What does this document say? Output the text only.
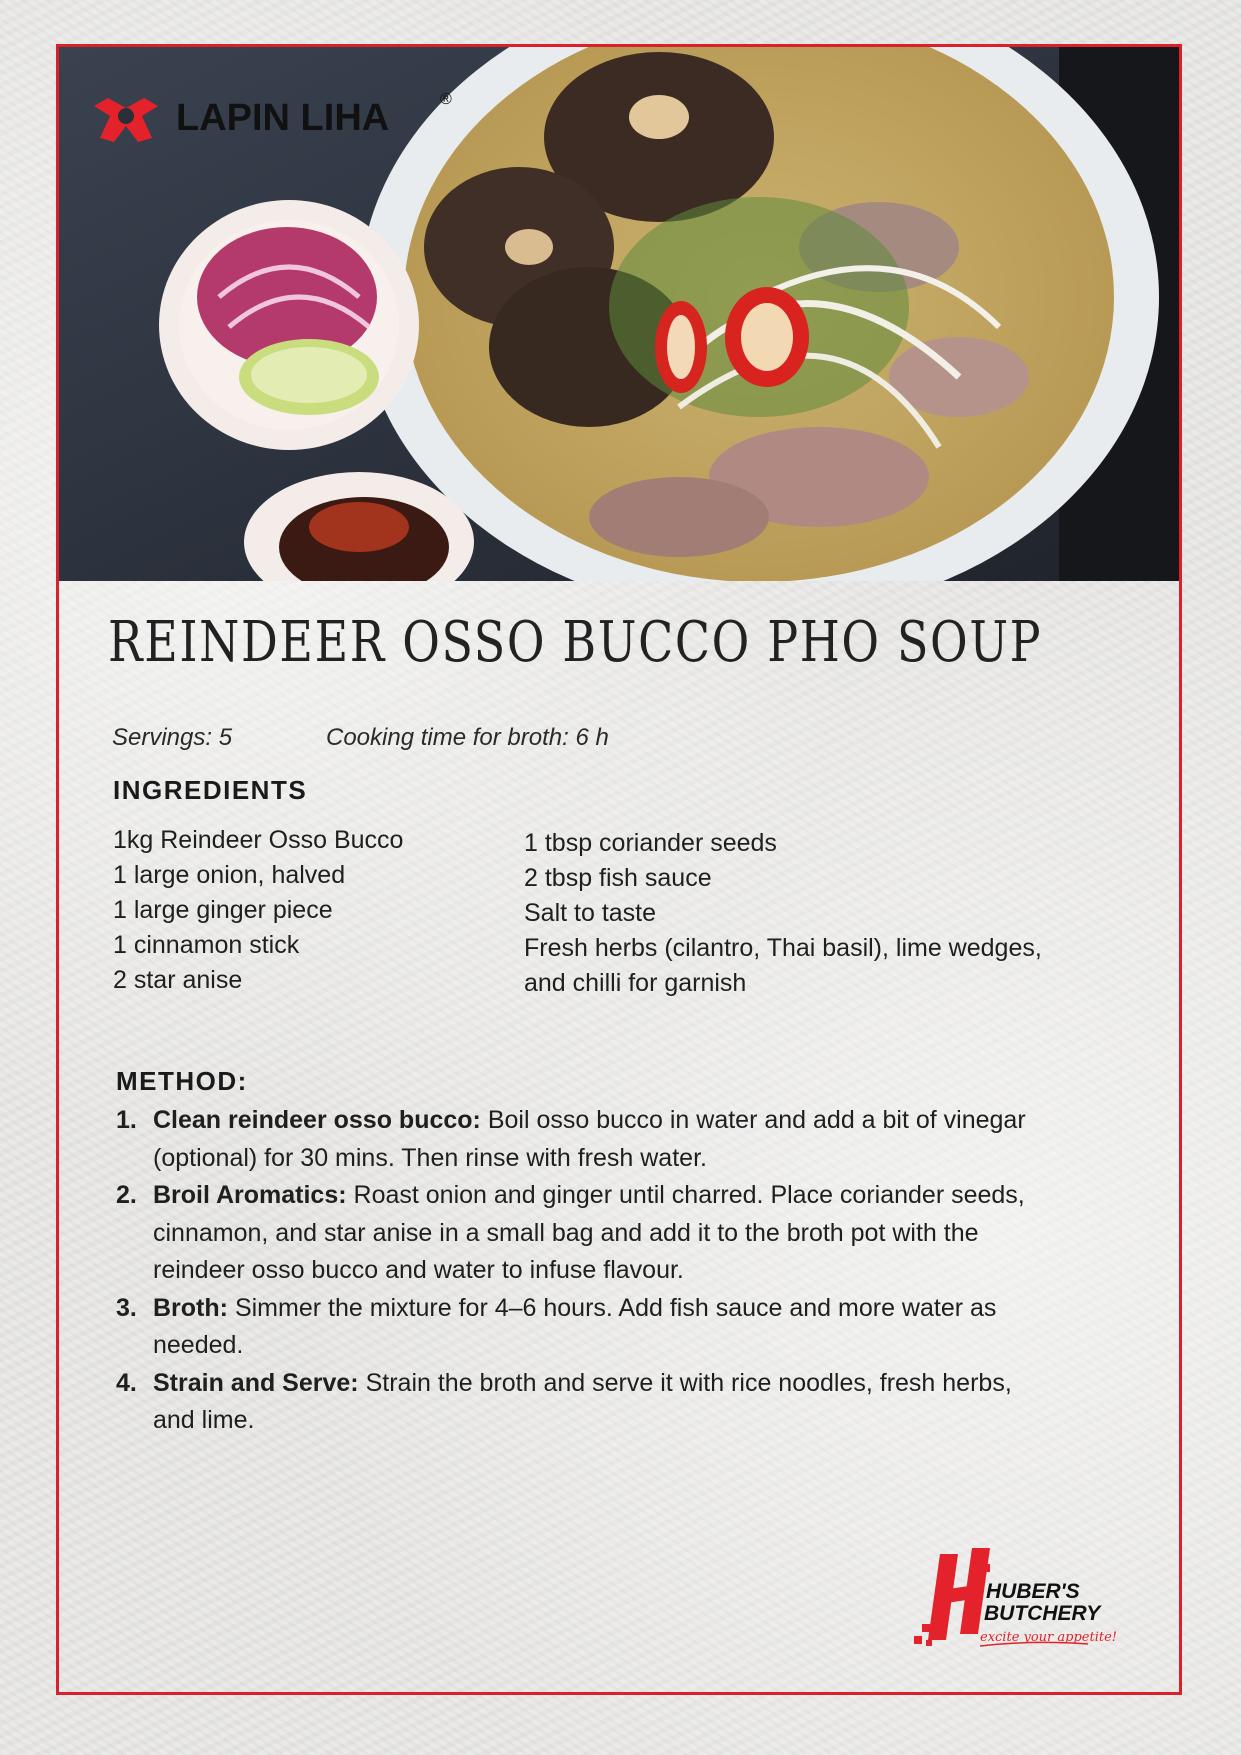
LAPIN LIHA	®
REINDEER OSSO BUCCO PHO SOUP
Servings: 5	Cooking time for broth: 6 h
INGREDIENTS
1kg Reindeer Osso Bucco
1 large onion, halved
1 large ginger piece
1 cinnamon stick
2 star anise
1 tbsp coriander seeds
2 tbsp fish sauce
Salt to taste
Fresh herbs (cilantro, Thai basil), lime wedges,
and chilli for garnish
METHOD:
1. Clean reindeer osso bucco: Boil osso bucco in water and add a bit of vinegar
(optional) for 30 mins. Then rinse with fresh water.
2. Broil Aromatics: Roast onion and ginger until charred. Place coriander seeds,
cinnamon, and star anise in a small bag and add it to the broth pot with the
reindeer osso bucco and water to infuse flavour.
3. Broth: Simmer the mixture for 4–6 hours. Add fish sauce and more water as
needed.
4. Strain and Serve: Strain the broth and serve it with rice noodles, fresh herbs,
and lime.
HUBER'S
BUTCHERY
excite your appetite!
